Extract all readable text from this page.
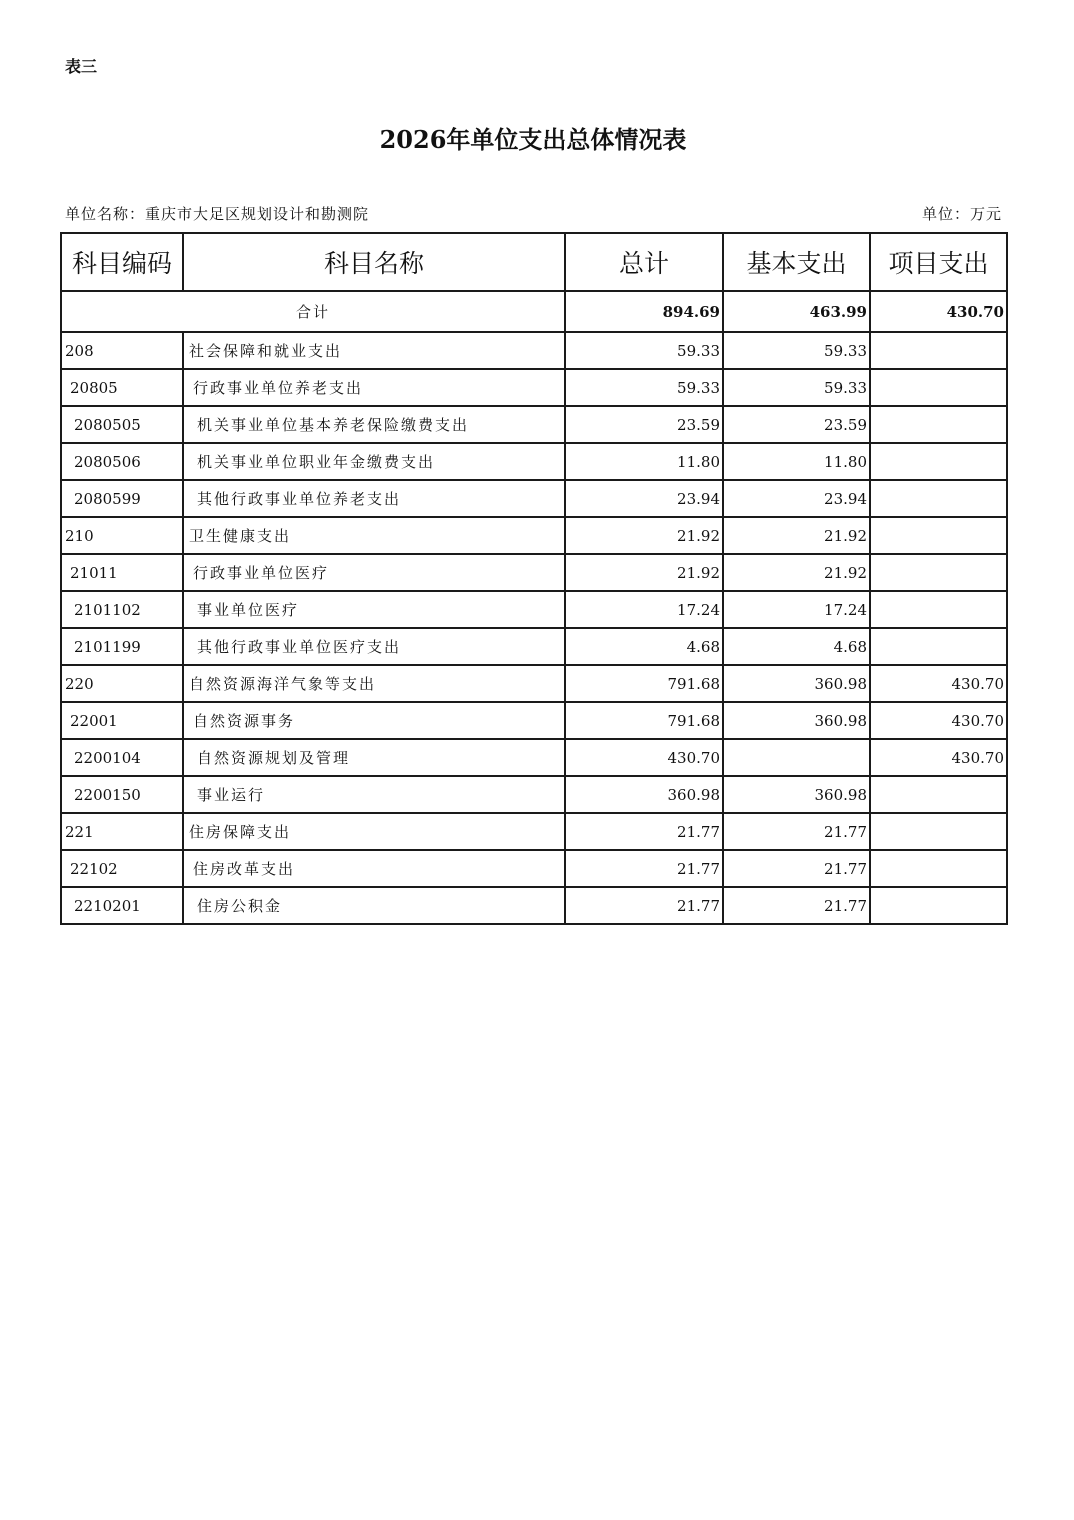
表三
2026年单位支出总体情况表
单位名称：重庆市大足区规划设计和勘测院	单位：万元
科目编码	科目名称	总计	基本支出	项目支出
合计		894.69	463.99	430.70
208	社会保障和就业支出	59.33	59.33	
20805	行政事业单位养老支出	59.33	59.33	
2080505	机关事业单位基本养老保险缴费支出	23.59	23.59	
2080506	机关事业单位职业年金缴费支出	11.80	11.80	
2080599	其他行政事业单位养老支出	23.94	23.94	
210	卫生健康支出	21.92	21.92	
21011	行政事业单位医疗	21.92	21.92	
2101102	事业单位医疗	17.24	17.24	
2101199	其他行政事业单位医疗支出	4.68	4.68	
220	自然资源海洋气象等支出	791.68	360.98	430.70
22001	自然资源事务	791.68	360.98	430.70
2200104	自然资源规划及管理	430.70		430.70
2200150	事业运行	360.98	360.98	
221	住房保障支出	21.77	21.77	
22102	住房改革支出	21.77	21.77	
2210201	住房公积金	21.77	21.77	
